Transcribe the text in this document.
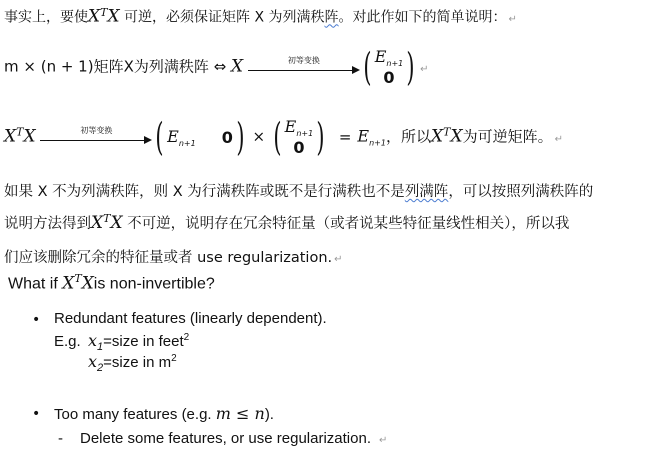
事实上，要使$X^TX$ 可逆，必须保证矩阵 X 为列满秩阵。对此作如下的简单说明： ↵
m × (n + 1)矩阵X为列满秩阵 ⇔ X	初等变换	( $E_{n+1}$
0 ) ↵
$X^TX$	初等变换	( $E_{n+1}$ 0 ) × ( $E_{n+1}$
0 ) = $E_{n+1}$，所以$X^TX$为可逆矩阵。 ↵
如果 X 不为列满秩阵，则 X 为行满秩阵或既不是行满秩也不是列满阵，可以按照列满秩阵的
说明方法得到$X^TX$ 不可逆，说明存在冗余特征量（或者说某些特征量线性相关），所以我
们应该删除冗余的特征量或者 use regularization. ↵
What if $X^TXis$ non-invertible?
• Redundant features (linearly dependent).
E.g. $x_1=size$ in feet$^2$
$x_2=size$ in $m^2$
• Too many features (e.g. m ≤ n).
- Delete some features, or use regularization. ↵
